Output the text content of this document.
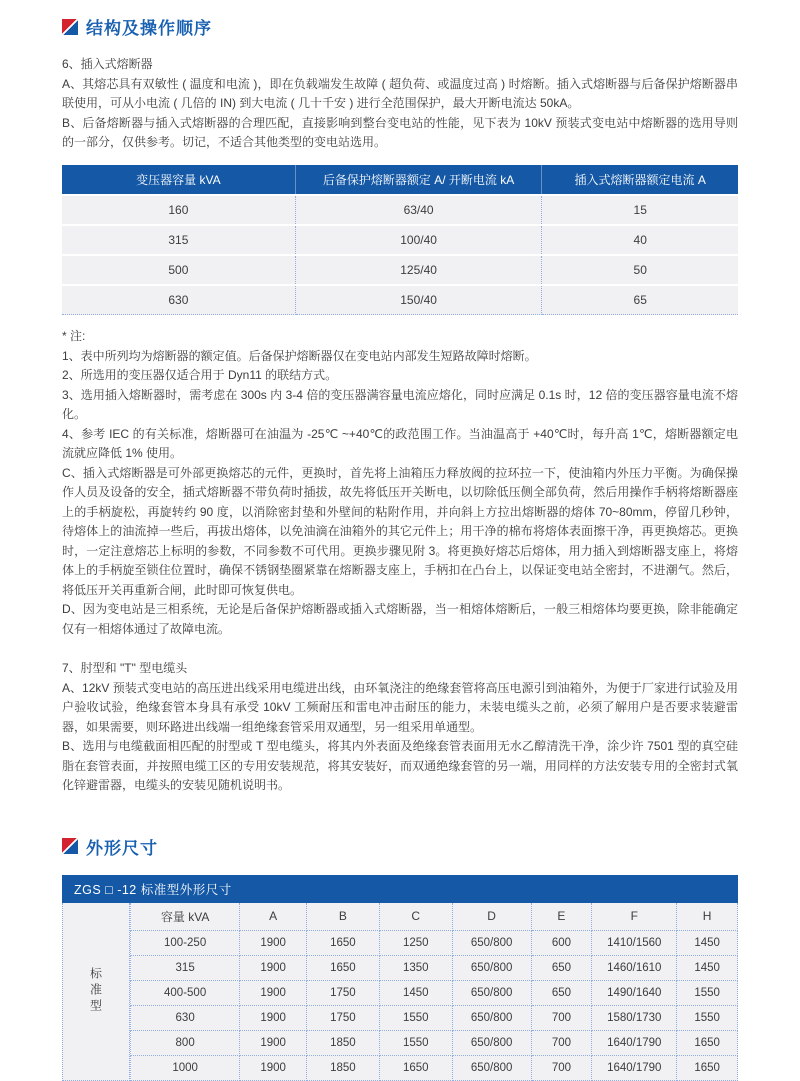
结构及操作顺序
6、插入式熔断器
A、其熔芯具有双敏性 ( 温度和电流 )，即在负载端发生故障 ( 超负荷、或温度过高 ) 时熔断。插入式熔断器与后备保护熔断器串联使用，可从小电流 ( 几倍的 IN) 到大电流 ( 几十千安 ) 进行全范围保护，最大开断电流达 50kA。
B、后备熔断器与插入式熔断器的合理匹配，直接影响到整台变电站的性能，见下表为 10kV 预装式变电站中熔断器的选用导则的一部分，仅供参考。切记，不适合其他类型的变电站选用。
变压器容量 kVA	后备保护熔断器额定 A/ 开断电流 kA	插入式熔断器额定电流 A
160	63/40	15
315	100/40	40
500	125/40	50
630	150/40	65
* 注:
1、表中所列均为熔断器的额定值。后备保护熔断器仅在变电站内部发生短路故障时熔断。
2、所选用的变压器仅适合用于 Dyn11 的联结方式。
3、选用插入熔断器时，需考虑在 300s 内 3-4 倍的变压器满容量电流应熔化，同时应满足 0.1s 时，12 倍的变压器容量电流不熔化。
4、参考 IEC 的有关标准，熔断器可在油温为 -25℃ ~+40℃的政范围工作。当油温高于 +40℃时，每升高 1℃，熔断器额定电流就应降低 1% 使用。
C、插入式熔断器是可外部更换熔芯的元件，更换时，首先将上油箱压力释放阀的拉环拉一下，使油箱内外压力平衡。为确保操作人员及设备的安全，插式熔断器不带负荷时插拔，故先将低压开关断电，以切除低压侧全部负荷，然后用操作手柄将熔断器座上的手柄旋松，再旋转约 90 度，以消除密封垫和外壁间的粘附作用，并向斜上方拉出熔断器的熔体 70~80mm，停留几秒钟，待熔体上的油流掉一些后，再拔出熔体，以免油滴在油箱外的其它元件上；用干净的棉布将熔体表面擦干净，再更换熔芯。更换时，一定注意熔芯上标明的参数，不同参数不可代用。更换步骤见附 3。将更换好熔芯后熔体，用力插入到熔断器支座上，将熔体上的手柄旋至锁住位置时，确保不锈钢垫圈紧靠在熔断器支座上，手柄扣在凸台上，以保证变电站全密封，不进潮气。然后，将低压开关再重新合闸，此时即可恢复供电。
D、因为变电站是三相系统，无论是后备保护熔断器或插入式熔断器，当一相熔体熔断后，一般三相熔体均要更换，除非能确定仅有一相熔体通过了故障电流。
7、肘型和 "T" 型电缆头
A、12kV 预装式变电站的高压进出线采用电缆进出线，由环氧浇注的绝缘套管将高压电源引到油箱外，为便于厂家进行试验及用户验收试验，绝缘套管本身具有承受 10kV 工频耐压和雷电冲击耐压的能力，未装电缆头之前，必须了解用户是否要求装避雷器，如果需要，则环路进出线端一组绝缘套管采用双通型，另一组采用单通型。
B、选用与电缆截面相匹配的肘型或 T 型电缆头，将其内外表面及绝缘套管表面用无水乙醇清洗干净，涂少许 7501 型的真空硅脂在套管表面，并按照电缆工区的专用安装规范，将其安装好，而双通绝缘套管的另一端，用同样的方法安装专用的全密封式氧化锌避雷器，电缆头的安装见随机说明书。
外形尺寸
ZGS □ -12 标准型外形尺寸
标准型
容量 kVA	A	B	C	D	E	F	H
100-250	1900	1650	1250	650/800	600	1410/1560	1450
315	1900	1650	1350	650/800	650	1460/1610	1450
400-500	1900	1750	1450	650/800	650	1490/1640	1550
630	1900	1750	1550	650/800	700	1580/1730	1550
800	1900	1850	1550	650/800	700	1640/1790	1650
1000	1900	1850	1650	650/800	700	1640/1790	1650
